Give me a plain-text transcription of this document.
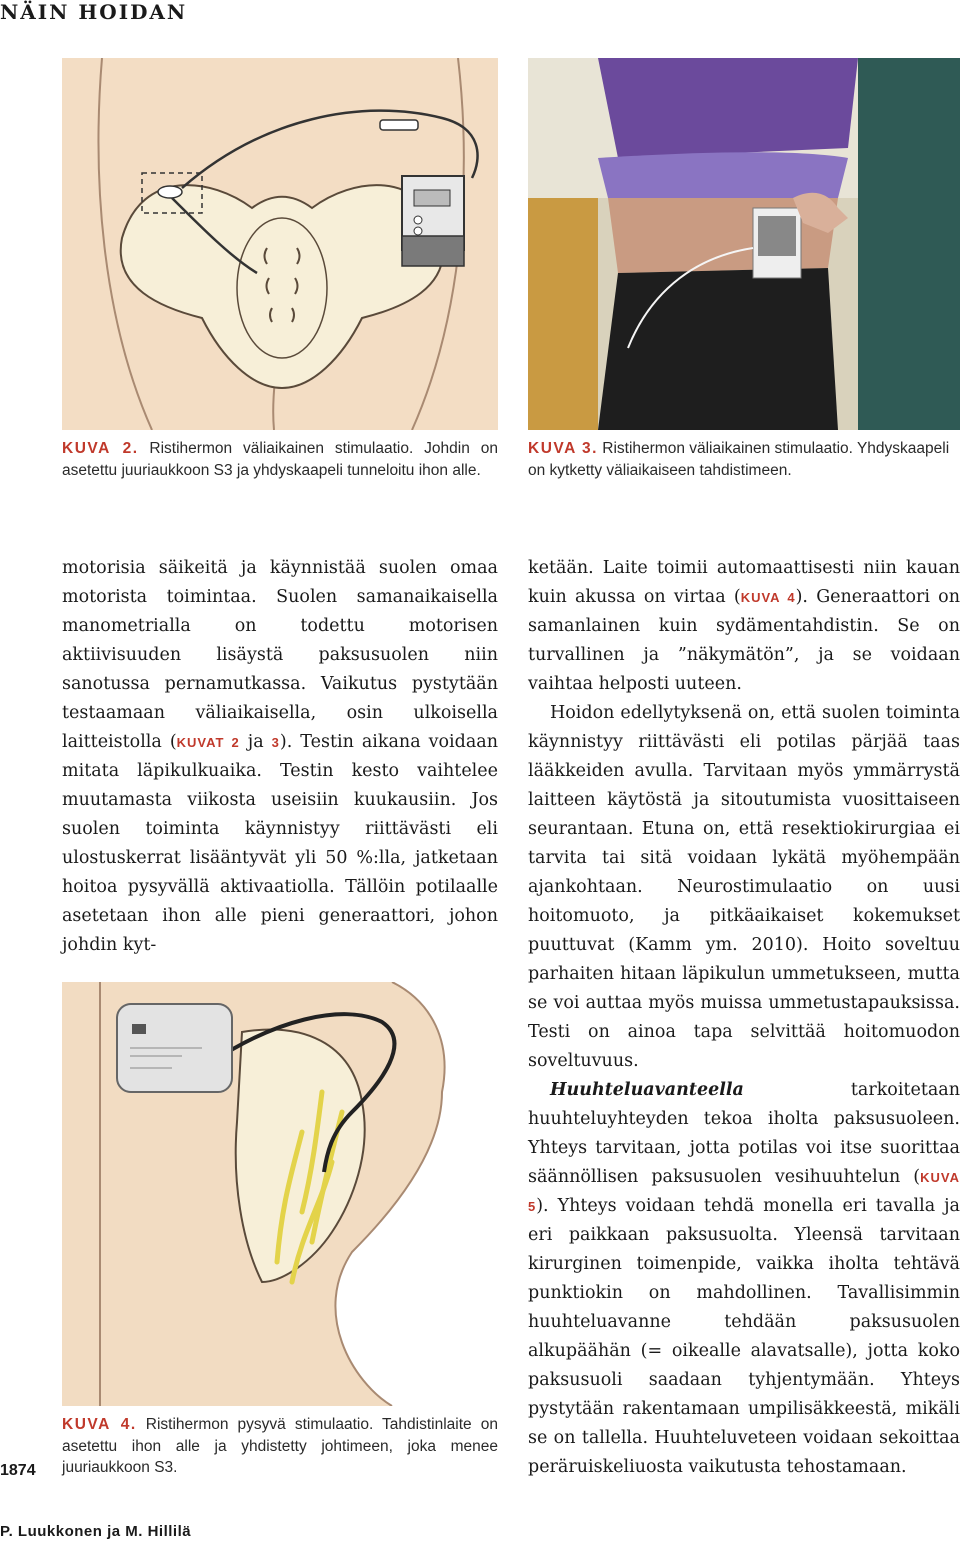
NÄIN HOIDAN
KUVA 2. Ristihermon väliaikainen stimulaatio. Johdin on asetettu juuriaukkoon S3 ja yhdyskaapeli tunneloitu ihon alle.
KUVA 3. Ristihermon väliaikainen stimulaatio. Yhdyskaapeli on kytketty väliaikaiseen tahdistimeen.

motorisia säikeitä ja käynnistää suolen omaa motorista toimintaa. Suolen samanaikaisella manometrialla on todettu motorisen aktiivisuuden lisäystä paksusuolen niin sanotussa pernamutkassa. Vaikutus pystytään testaamaan väliaikaisella, osin ulkoisella laitteistolla (KUVAT 2 ja 3). Testin aikana voidaan mitata läpikulkuaika. Testin kesto vaihtelee muutamasta viikosta useisiin kuukausiin. Jos suolen toiminta käynnistyy riittävästi eli ulostuskerrat lisääntyvät yli 50 %:lla, jatketaan hoitoa pysyvällä aktivaatiolla. Tällöin potilaalle asetetaan ihon alle pieni generaattori, johon johdin kyt-

KUVA 4. Ristihermon pysyvä stimulaatio. Tahdistinlaite on asetettu ihon alle ja yhdistetty johtimeen, joka menee juuriaukkoon S3.

ketään. Laite toimii automaattisesti niin kauan kuin akussa on virtaa (KUVA 4). Generaattori on samanlainen kuin sydämentahdistin. Se on turvallinen ja ”näkymätön”, ja se voidaan vaihtaa helposti uuteen.

Hoidon edellytyksenä on, että suolen toiminta käynnistyy riittävästi eli potilas pärjää taas lääkkeiden avulla. Tarvitaan myös ymmärrystä laitteen käytöstä ja sitoutumista vuosittaiseen seurantaan. Etuna on, että resektiokirurgiaa ei tarvita tai sitä voidaan lykätä myöhempään ajankohtaan. Neurostimulaatio on uusi hoitomuoto, ja pitkäaikaiset kokemukset puuttuvat (Kamm ym. 2010). Hoito soveltuu parhaiten hitaan läpikulun ummetukseen, mutta se voi auttaa myös muissa ummetustapauksissa. Testi on ainoa tapa selvittää hoitomuodon soveltuvuus.

Huuhteluavanteella tarkoitetaan huuhteluyhteyden tekoa iholta paksusuoleen. Yhteys tarvitaan, jotta potilas voi itse suorittaa säännöllisen paksusuolen vesihuuhtelun (KUVA 5). Yhteys voidaan tehdä monella eri tavalla ja eri paikkaan paksusuolta. Yleensä tarvitaan kirurginen toimenpide, vaikka iholta tehtävä punktiokin on mahdollinen. Tavallisimmin huuhteluavanne tehdään paksusuolen alkupäähän (= oikealle alavatsalle), jotta koko paksusuoli saadaan tyhjentymään. Yhteys pystytään rakentamaan umpilisäkkeestä, mikäli se on tallella. Huuhteluveteen voidaan sekoittaa peräruiskeliuosta vaikutusta tehostamaan.

1874
P. Luukkonen ja M. Hillilä
